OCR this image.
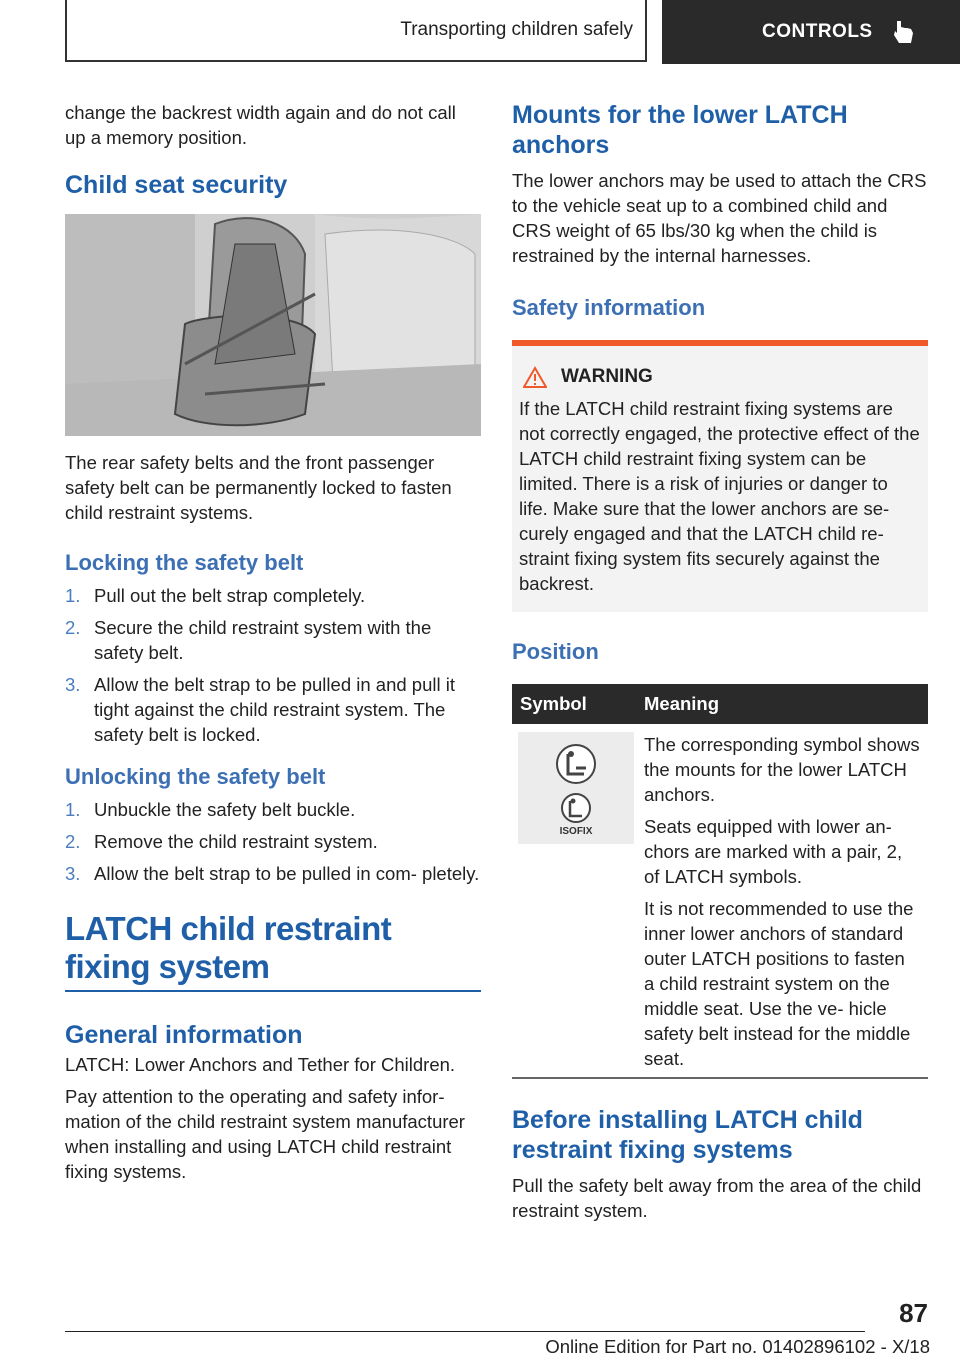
Transporting children safely	CONTROLS

change the backrest width again and do not call up a memory position.

Child seat security

The rear safety belts and the front passenger safety belt can be permanently locked to fasten child restraint systems.

Locking the safety belt
1. Pull out the belt strap completely.
2. Secure the child restraint system with the safety belt.
3. Allow the belt strap to be pulled in and pull it tight against the child restraint system. The safety belt is locked.
Unlocking the safety belt
1. Unbuckle the safety belt buckle.
2. Remove the child restraint system.
3. Allow the belt strap to be pulled in com‐ pletely.
LATCH child restraint fixing system
General information

LATCH: Lower Anchors and Tether for Children.

Pay attention to the operating and safety infor‐ mation of the child restraint system manufacturer when installing and using LATCH child restraint fixing systems.

Mounts for the lower LATCH anchors

The lower anchors may be used to attach the CRS to the vehicle seat up to a combined child and CRS weight of 65 lbs/30 kg when the child is restrained by the internal harnesses.

Safety information
WARNING

If the LATCH child restraint fixing systems are not correctly engaged, the protective effect of the LATCH child restraint fixing system can be limited. There is a risk of injuries or danger to life. Make sure that the lower anchors are se‐ curely engaged and that the LATCH child re‐ straint fixing system fits securely against the backrest.

Position
Symbol	Meaning

ISOFIX	The corresponding symbol shows the mounts for the lower LATCH anchors.

Seats equipped with lower an‐ chors are marked with a pair, 2, of LATCH symbols.

It is not recommended to use the inner lower anchors of standard outer LATCH positions to fasten a child restraint system on the middle seat. Use the ve‐ hicle safety belt instead for the middle seat.

Before installing LATCH child restraint fixing systems

Pull the safety belt away from the area of the child restraint system.

87
Online Edition for Part no. 01402896102 - X/18
